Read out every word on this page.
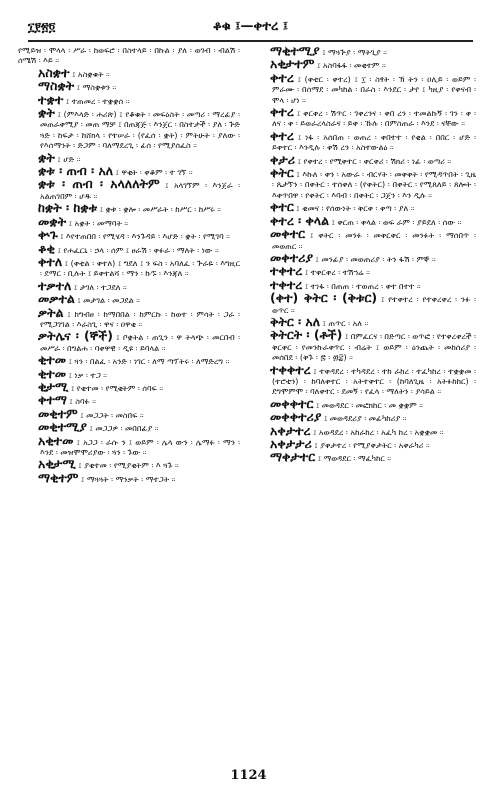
፲፻፳፬	ቆቁ ፤—ቀተረ ፤

የሚይዝ ፡ ሞላላ ፡ ሥራ ፡ ከወፍሮ ፡ በስተላይ ፡ በኩል ፡ ያለ ፡ ወገብ ፡ ብልሽ ፡ ሰሜሽ ፡ እይ ።

አስቋተ ፤ አስቋቁት ።

ማስቋት ፤ ማስቋቱን ።

ተቋተ ፤ ተጠመረ ፡ ተቋቋሰ ።

ቋት ፤ (ምእላድ ፡ ሐሪጽ) ፤ የቆቁት ፡ መፍዕስት ፡ መጣሪ ፡ ማረፊያ ፡ መጠራቀሚያ ፡ መጠ ማቻ ፤ በጠጃጅ ፡ እንጀር ፡ በስተታች ፡ ያለ ፡ ጕድ ጓድ ፡ ከፍታ ፡ ከሸክላ ፡ የተሠራ ፡ (የፈሰ ፡ ቋት) ፡ ምትሁት ፡ ያለው ፡ የእሰማንት ፡ ድጋም ፡ ባለማደረጊ ፡ ፊሰ ፡ የሚያሰፈስ ።

ቋት ፤ ሆድ ።

ቋቱ ፡ ጠብ ፡ አለ ፤ ዋቂት ፡ ቀቆም ፡ ተ ገኘ ።

ቋቱ ፡ ጠብ ፡ አላለለትም ፤ አላገኘም ፡ እንጀራ ፡ አልጠገበም ፡ ሆዱ ።

ከቋት ፡ ከቋቱ ፤ ቋቱ ፡ ቋሎ ፡ መሥራት ፡ ከሥር ፡ ከሥሩ ።

መቋት ፤ አቋት ፡ መማባት ።

ቍጉ ፤ እየተጠበበ ፡ የሚሄዳ ፡ እንጉዳይ ፡ እሆድ ፡ ቋት ፡ የሚገባ ።

ቆቂ ፤ የሐፈርኒ ፡ ኃላ ፡ ሰም ፤ ፀራሽ ፡ ቀፉራ ፡ ማለት ፡ ነው ።

ቀተለ ፤ (ቀቲል ፡ ቀተለ) ፤ ግደለ ፤ ን ፍስ ፡ አባለፈ ፡ ጕራዬ ፡ እግዚር ፡ ደማር ፡ ቢሉት ፤ ይቀተልሻ ፡ ማን ፡ ኩኙ ፡ እንጃለ ።

ተቃተለ ፤ ታገለ ፡ ተጋደለ ።

መቃተል ፤ መታገል ፡ መጋደል ።

ቃትል ፤ ከግብፀ ፡ ከማበበል ፡ ከምርኩ ፡ ከወተ ፡ ምሳት ፡ ጋራ ፡ የሚጋገገል ፡ እራስጊ ፡ ዋና ፡ ዐዋቂ ።

ቃትሌና ፡ (ኞች) ፤ ቦቋትል ፡ ጠጊን ፡ ዋ ትላጭ ፡ መርበብ ፡ መሥራ ፡ በግልሐ ፡ ባቀዋዊ ፡ ዲዩ ፡ ይባላል ።

ቂተመ ፤ ጓን ፡ በልፈ ፡ አንድ ፡ ነገር ፡ ለማ ጣፕትሩ ፡ ለማድረግ ።

ቂተመ ፤ ነቃ ፡ ተጋ ።

ቂታሚ ፤ የቂተመ ፡ የሚቂትም ፡ ሰባፍ ።

ቀተማ ፤ ስባፉ ።

መቂተም ፤ መጋጋት ፡ መስበፍ ።

መቂተሚያ ፤ መጋጋዎ ፡ መበበፊያ ።

አቂተመ ፤ አጋጋ ፡ ራሱ ን ፤ ወይም ፡ ሌላ ውን ፡ ሌማፉ ፡ ማን ፡ እንደ ፡ መዝሞሞሪያው ፡ ጓን ፡ ጉው ።

አቂታሚ ፤ ያቂተመ ፡ የሚያቂትም ፡ እ ጓጉ ።

ማቂተም ፤ ማጓጓት ፡ ማንቃት ፡ ማተጋት ።

ማቂተሚያ ፤ ማጓጕያ ፡ ማትጊያ ።

አቂታተም ፤ አስባፋፋ ፡ መቂተም ።

ቀተረ ፤ (ቀቲር ፡ ቀተረ) ፤ ፲ ፡ ስፃት ፡ ኽ ትን ፡ ዐሊይ ፡ ወይም ፡ ምራሙ ፡ በሰማደ ፡ መካከል ፡ በራስ ፡ እንደር ፡ ታየ ፤ ካዚያ ፡ የቀናብ ፡ ሞላ ፡ ሆነ ።

ቀተረ ፤ ቀርቀረ ፡ ሽጥር ፡ ገቀረንና ፡ ቀበ ረን ፡ ተመልኩኝ ፡ ገን ፡ ቀ ፡ ለና ፡ ቀ ፡ ይወራረላስራና ፡ ይቀ ፡ ኹሉ ፡ በምስጠራ ፡ እንደ ፡ ናቸው ።

ቀተረ ፤ ነፋ ፡ አሰበጠ ፡ ወጠረ ፡ ቀበተተ ፡ የቂል ፡ በበር ፡ ሆድ ፡ ይቀተር ፡ እንዲሉ ፡ ቀሽ ረን ፡ አስተውልዕ ።

ቀታሪ ፤ የቀተረ ፡ የሚቀተር ፡ ቀርቀሪ ፡ ሽክሪ ፡ ነፊ ፡ ወጣሪ ።

ቀትር ፤ እኩለ ፡ ቀን ፡ አውራ ፡ ብርሃት ፡ መቀቀት ፡ የሚዳጥበት ፡ ጊዜ ፡ ጼታኘን ፡ በቀትር ፡ ተሰቀለ ፡ (የቀትር) ፡ በቀትር ፡ የሚጸለይ ፡ ጸሎት ፡ እቀጥበዋ ፡ የቀትር ፡ እባብ ፡ በቀትር ፡ ጋጀን ፡ እን ዲሉ ።

ቀተር ፤ ቂመና ፡ የሰውነት ፡ ቅርቀ ፡ ቀጣ ፡ ያለ ።

ቀተረ ፡ ቀላል ፤ ቀርጠ ፡ ቀላል ፡ ወፍ ራም ፡ ያይደለ ፡ ሰው ።

መቀተር ፤ ቀትር ፡ መንፉ ፡ መቀርቀር ፡ መንፉት ፡ ማሰበጥ ፡ መወጠር ።

መቀተሪያ ፤ መንፊያ ፡ መወጠሪያ ፡ ትን ፋሽ ፡ ምኞ ።

ተቀተረ ፤ ተቀርቀረ ፡ ተሽኀሬ ።

ተቀተረ ፤ ተነፋ ፡ በጠጠ ፡ ተወጠረ ፡ ቀተ በተተ ።

(ቀተ) ቅትር ፡ (ቅቱር) ፤ የተቀተረ ፡ የተቀረቀረ ፡ ንፉ ፡ ወጥር ።

ቅትር ፡ አለ ፤ ጠጥር ፡ አለ ።

ቅትርት ፡ (ቶች) ፤ በምፈርና ፡ በድጣር ፡ ወጥፎ ፡ የተቀረቀረች ፡ ቅርቀር ፡ የመንኩራቀጥር ፡ ብሬት ፤ ወይም ፡ ዕንጨት ፡ መከሰሪያ ፡ መሰበደ ፡ (ቅጉ ፡ ፷ ፡ ፴፰) ።

ተቀቀተረ ፤ ተቀዳደረ ፡ ተካዳደረ ፡ ተከ ራከረ ፡ ተፈካከረ ፡ ተቋቋመ ፡ (ተሮቲን) ፡ ከባለቀተር ፡ አትተቀተር ፡ (ከባለጊዜ ፡ አትፉከከር) ፡ ደግሞምሞ ፡ ባለቀተር ፡ ደመኝ ፡ የፈላ ፡ ማለትን ፡ ያሳይል ።

መቀቀተር ፤ መወዳደር ፡ መፎክከር ፡ መ ቋቋም ።

መቀቀተሪያ ፤ መወዳደሪያ ፡ መፊካከሪያ ።

አቀታተረ ፤ አወዳደረ ፡ አከራከረ ፡ አፈካ ከረ ፡ አቋቋመ ።

አቀታታሪ ፤ ያቀታተረ ፡ የሚያቀታትር ፡ አቀራካሪ ።

ማቀታተር ፤ ማወዳደር ፡ ማፈካከር ።

1124
